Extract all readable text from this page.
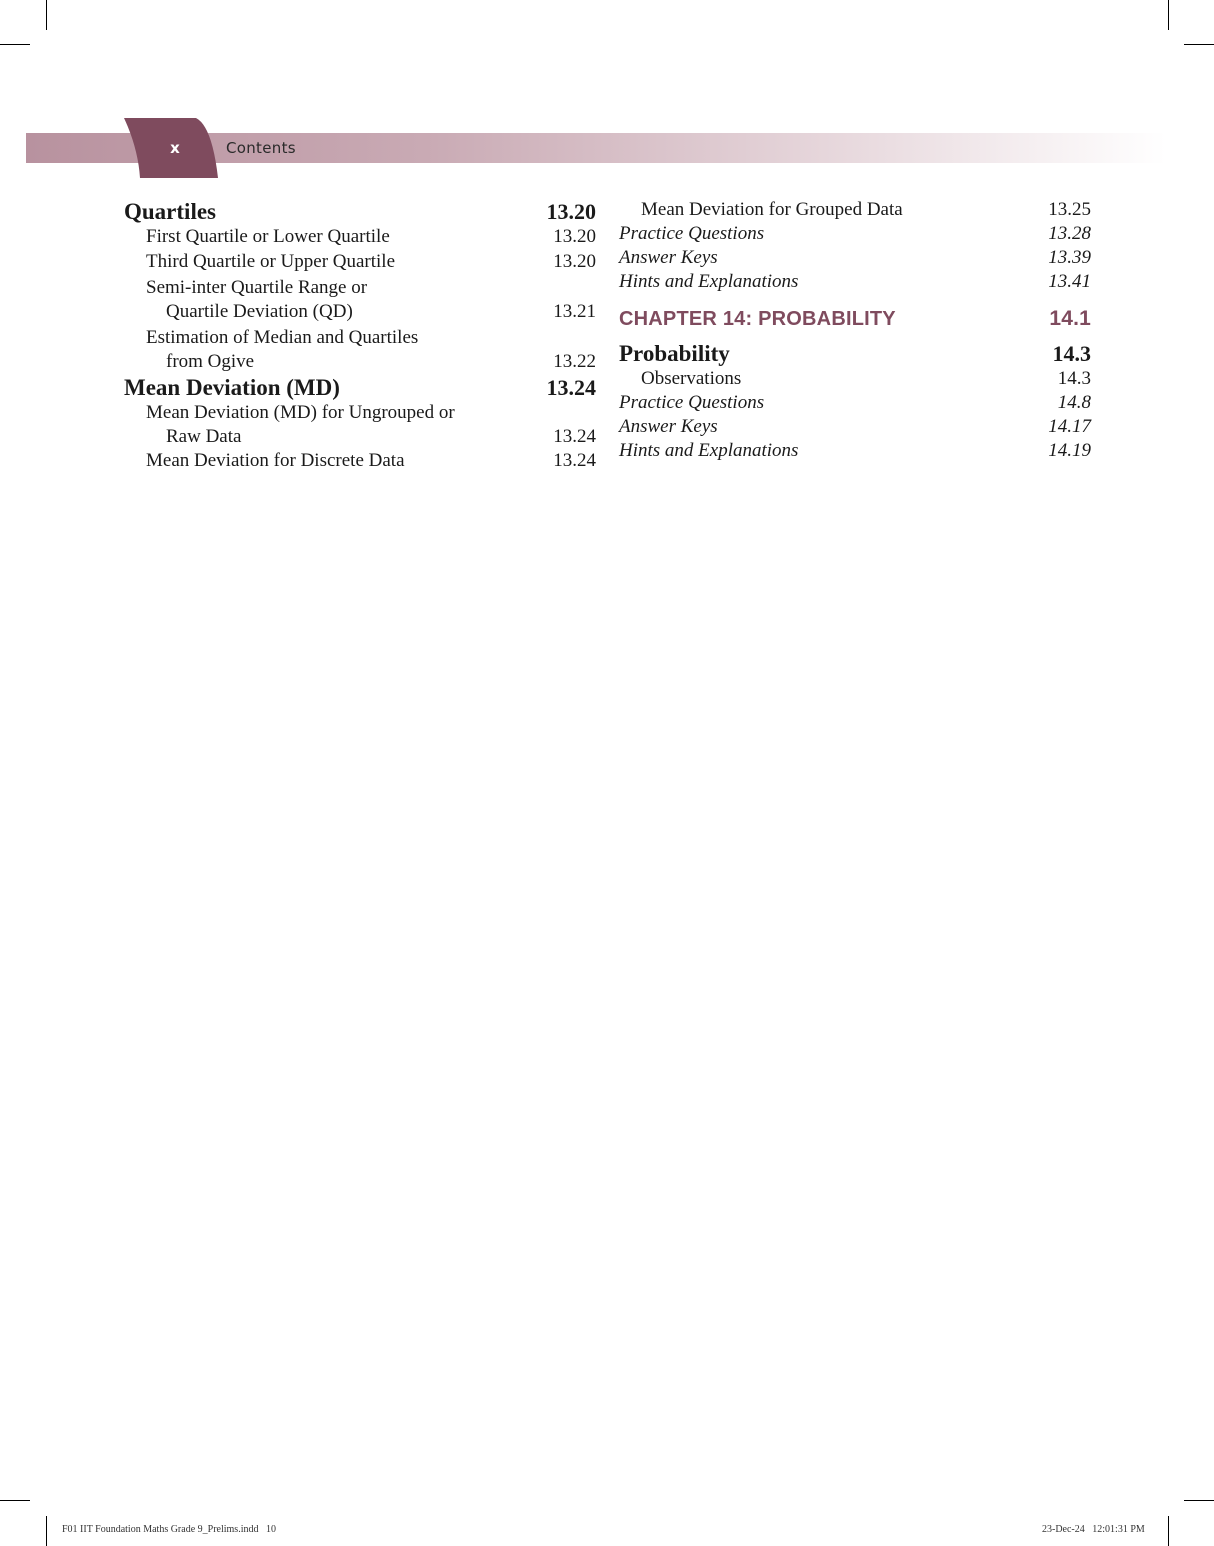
x	Contents
Quartiles	13.20
First Quartile or Lower Quartile	13.20
Third Quartile or Upper Quartile	13.20
Semi-inter Quartile Range or
Quartile Deviation (QD)	13.21
Estimation of Median and Quartiles
from Ogive	13.22
Mean Deviation (MD)	13.24
Mean Deviation (MD) for Ungrouped or
Raw Data	13.24
Mean Deviation for Discrete Data	13.24
Mean Deviation for Grouped Data	13.25
Practice Questions	13.28
Answer Keys	13.39
Hints and Explanations	13.41
CHAPTER 14: PROBABILITY	14.1
Probability	14.3
Observations	14.3
Practice Questions	14.8
Answer Keys	14.17
Hints and Explanations	14.19
F01 IIT Foundation Maths Grade 9_Prelims.indd   10	23-Dec-24   12:01:31 PM
